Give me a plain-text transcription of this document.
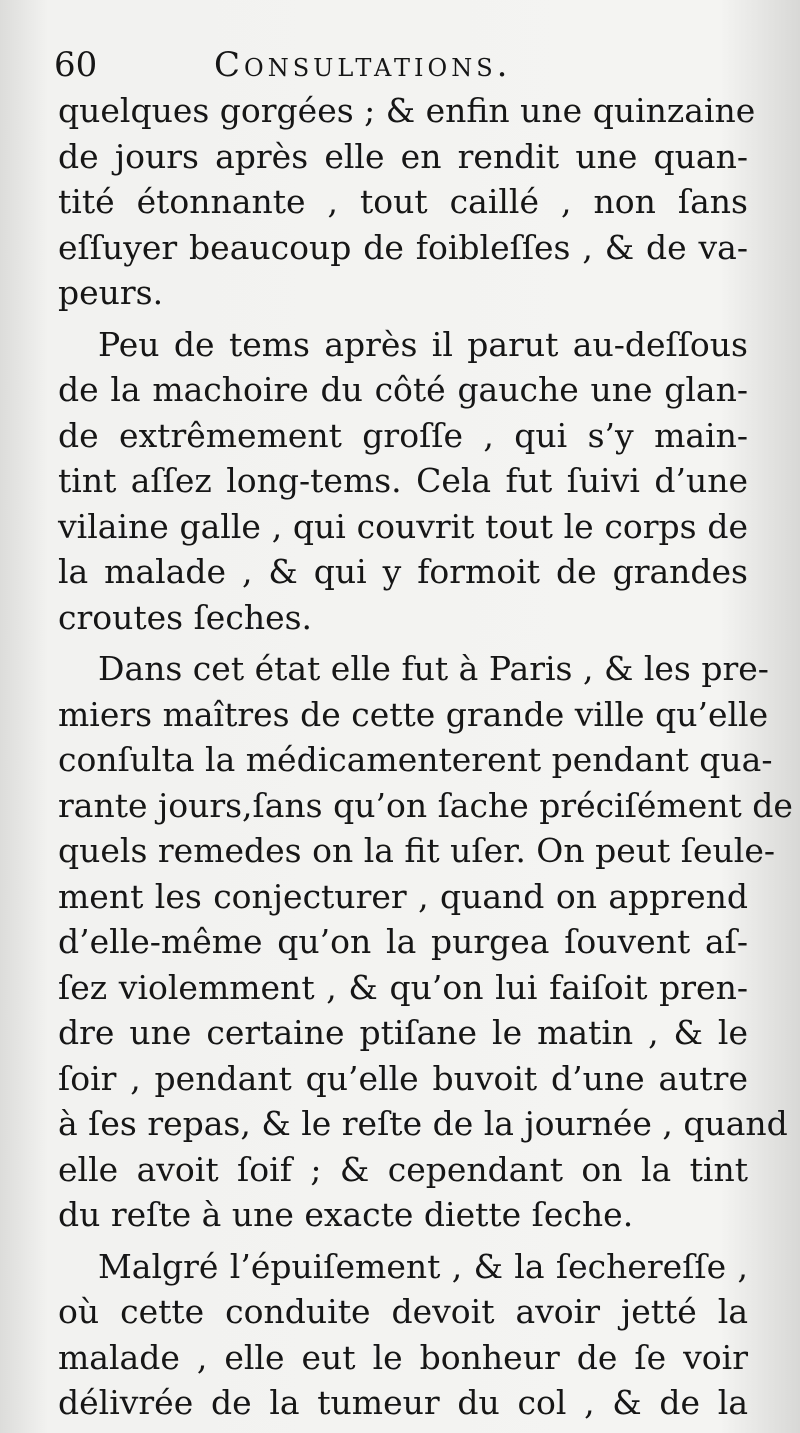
60	Consultations.
quelques gorgées ; & enfin une quinzaine
de jours après elle en rendit une quan-
tité étonnante , tout caillé , non ſans
eſſuyer beaucoup de foibleſſes , & de va-
peurs.
Peu de tems après il parut au-deſſous
de la machoire du côté gauche une glan-
de extrêmement groſſe , qui s’y main-
tint aſſez long-tems. Cela fut ſuivi d’une
vilaine galle , qui couvrit tout le corps de
la malade , & qui y formoit de grandes
croutes ſeches.
Dans cet état elle fut à Paris , & les pre-
miers maîtres de cette grande ville qu’elle
conſulta la médicamenterent pendant qua-
rante jours,ſans qu’on ſache préciſément de
quels remedes on la fit uſer. On peut ſeule-
ment les conjecturer , quand on apprend
d’elle-même qu’on la purgea ſouvent aſ-
ſez violemment , & qu’on lui faiſoit pren-
dre une certaine ptiſane le matin , & le
ſoir , pendant qu’elle buvoit d’une autre
à ſes repas, & le reſte de la journée , quand
elle avoit ſoif ; & cependant on la tint
du reſte à une exacte diette ſeche.
Malgré l’épuiſement , & la ſechereſſe ,
où cette conduite devoit avoir jetté la
malade , elle eut le bonheur de ſe voir
délivrée de la tumeur du col , & de la
